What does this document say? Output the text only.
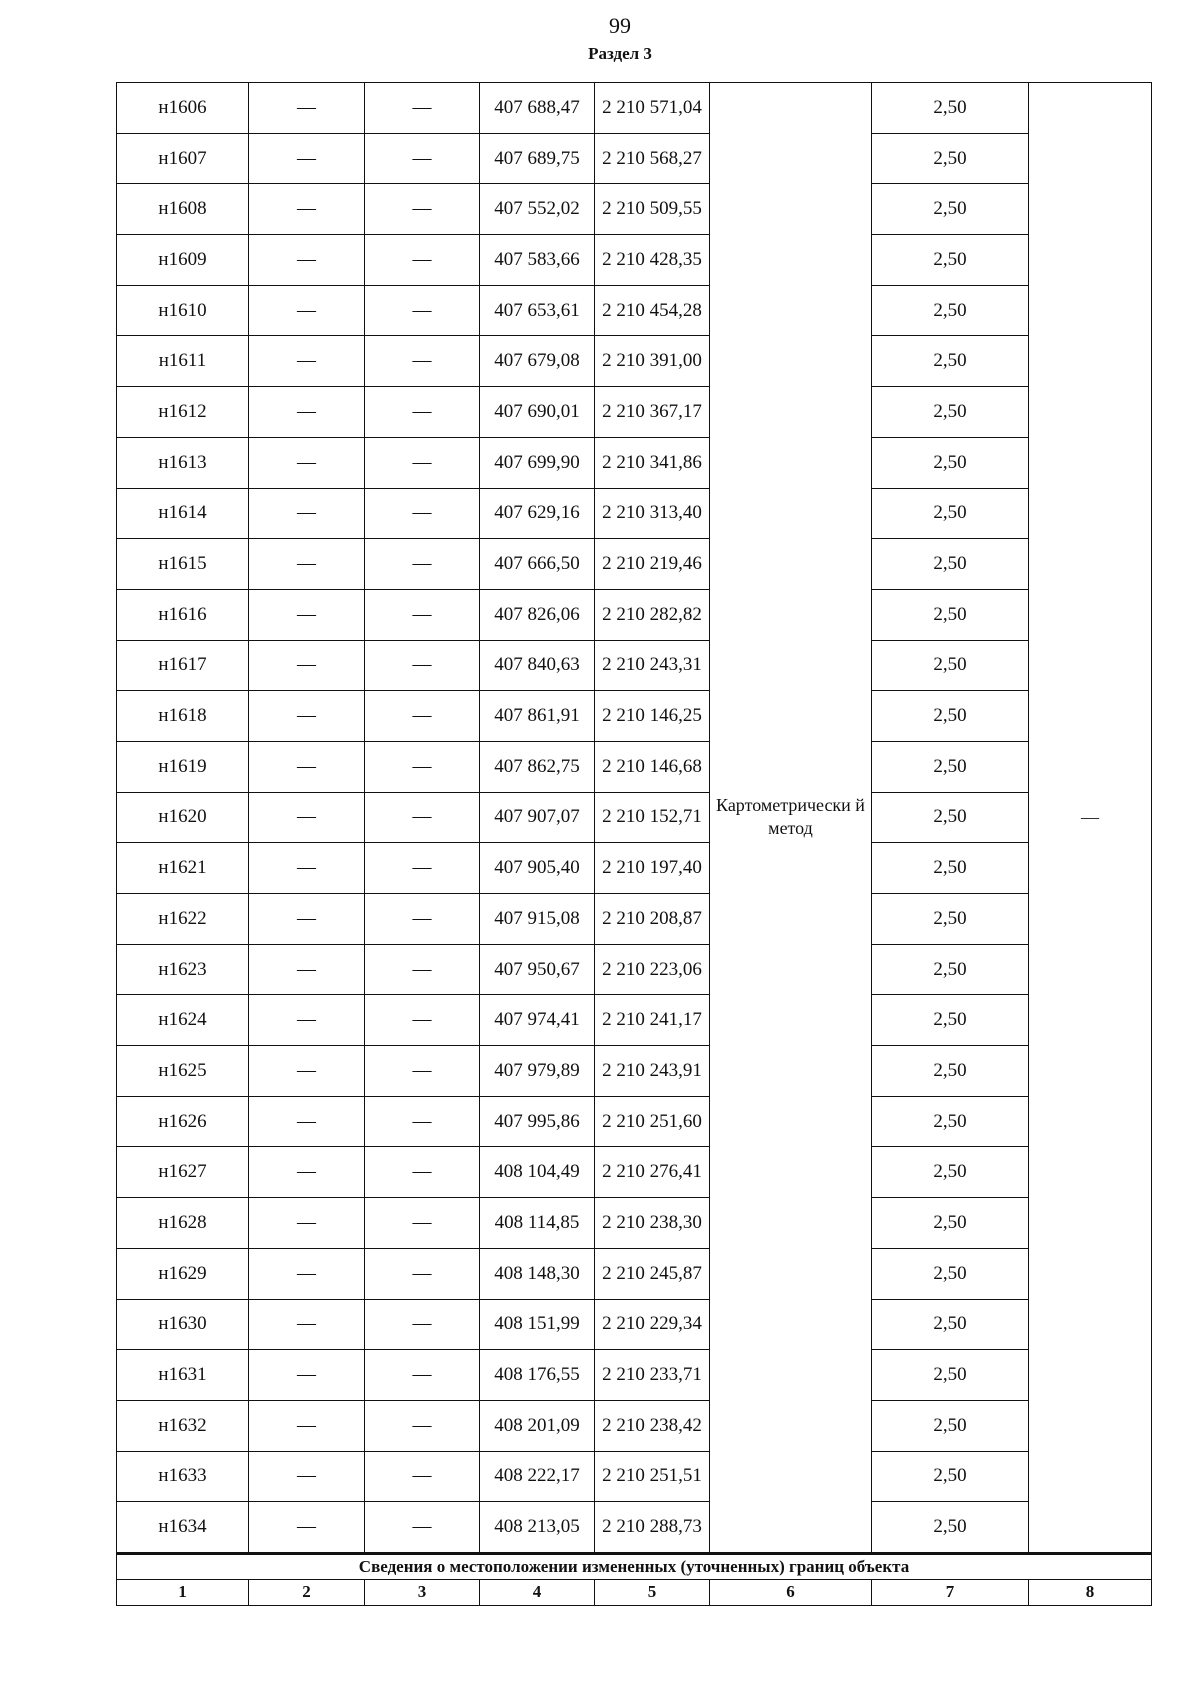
99
Раздел 3
н1606	—	—	407 688,47	2 210 571,04	Картометрически й метод	2,50	—
н1607	—	—	407 689,75	2 210 568,27		2,50	
н1608	—	—	407 552,02	2 210 509,55		2,50	
н1609	—	—	407 583,66	2 210 428,35		2,50	
н1610	—	—	407 653,61	2 210 454,28		2,50	
н1611	—	—	407 679,08	2 210 391,00		2,50	
н1612	—	—	407 690,01	2 210 367,17		2,50	
н1613	—	—	407 699,90	2 210 341,86		2,50	
н1614	—	—	407 629,16	2 210 313,40		2,50	
н1615	—	—	407 666,50	2 210 219,46		2,50	
н1616	—	—	407 826,06	2 210 282,82		2,50	
н1617	—	—	407 840,63	2 210 243,31		2,50	
н1618	—	—	407 861,91	2 210 146,25		2,50	
н1619	—	—	407 862,75	2 210 146,68		2,50	
н1620	—	—	407 907,07	2 210 152,71		2,50	
н1621	—	—	407 905,40	2 210 197,40		2,50	
н1622	—	—	407 915,08	2 210 208,87		2,50	
н1623	—	—	407 950,67	2 210 223,06		2,50	
н1624	—	—	407 974,41	2 210 241,17		2,50	
н1625	—	—	407 979,89	2 210 243,91		2,50	
н1626	—	—	407 995,86	2 210 251,60		2,50	
н1627	—	—	408 104,49	2 210 276,41		2,50	
н1628	—	—	408 114,85	2 210 238,30		2,50	
н1629	—	—	408 148,30	2 210 245,87		2,50	
н1630	—	—	408 151,99	2 210 229,34		2,50	
н1631	—	—	408 176,55	2 210 233,71		2,50	
н1632	—	—	408 201,09	2 210 238,42		2,50	
н1633	—	—	408 222,17	2 210 251,51		2,50	
н1634	—	—	408 213,05	2 210 288,73		2,50	
Сведения о местоположении измененных (уточненных) границ объекта							
1	2	3	4	5	6	7	8
